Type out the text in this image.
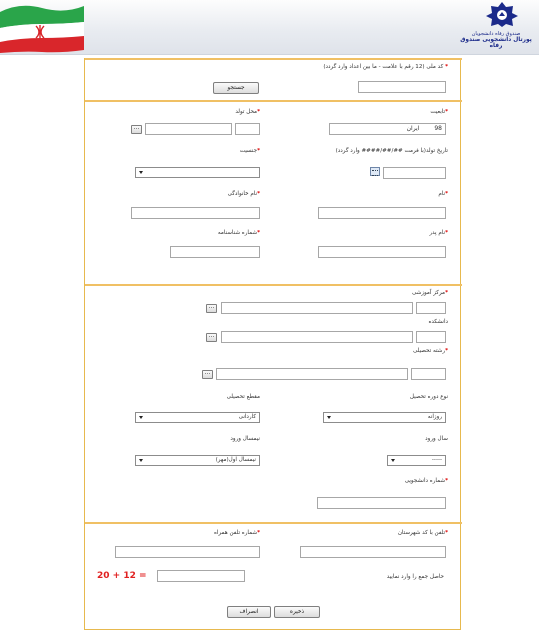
صندوق رفاه دانشجویان
پورتال دانشجویی صندوق رفاه
* کد ملی (12 رقم با علامت - ما بین اعداد وارد گردد)
جستجو
*تابعیت
98ایران
*محل تولد
...
تاریخ تولد(با فرمت ##/##/#### وارد گردد)
*جنسیت
*نام
*نام خانوادگی
*نام پدر
*شماره شناسنامه
*مرکز آموزشی
...
دانشکده
...
*رشته تحصیلی
...
نوع دوره تحصیل
روزانه
مقطع تحصیلی
کاردانی
سال ورود
-----
نیمسال ورود
نیمسال اول(مهر)
*شماره دانشجویی
*تلفن با کد شهرستان
*شماره تلفن همراه
حاصل جمع را وارد نمایید
20 + 12 =
ذخیره
انصراف
